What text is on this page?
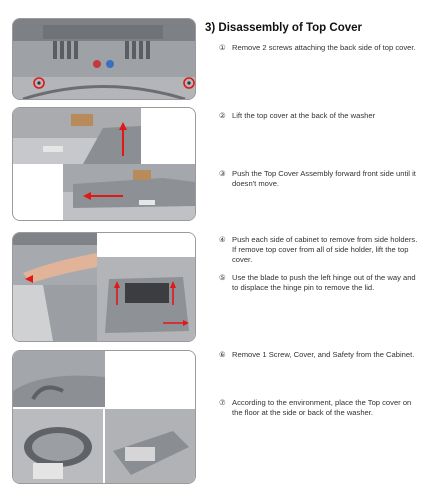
3) Disassembly of Top Cover
① Remove 2 screws attaching the back side of top cover.
② Lift the top cover at the back of the washer
③ Push the Top Cover Assembly forward front side until it doesn't move.
④ Push each side of cabinet to remove from side holders. If remove top cover from all of side holder, lift the top cover.
⑤ Use the blade to push the left hinge out of the way and to displace the hinge pin to remove the lid.
⑥ Remove 1 Screw, Cover, and Safety from the Cabinet.
⑦ According to the environment, place the Top cover on the floor at the side or back of the washer.
